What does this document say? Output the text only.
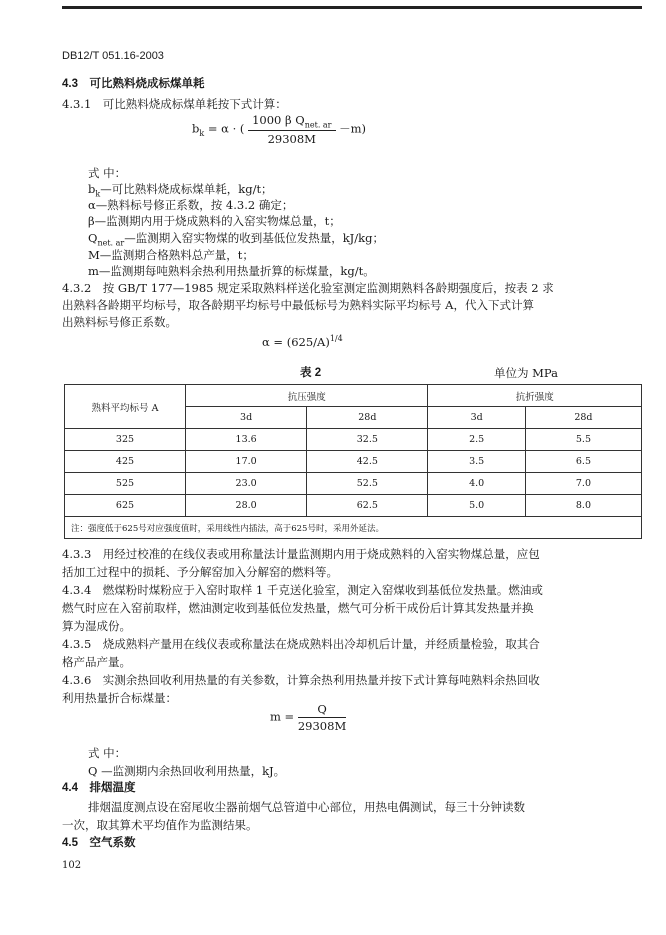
DB12/T 051.16-2003
4.3　可比熟料烧成标煤单耗
4.3.1　可比熟料烧成标煤单耗按下式计算：
$b_k = \alpha$ · ( $\frac{1000 \beta Q_{net. ar}}{29308M} -m$)
式 中：
$b_k—$可比熟料烧成标煤单耗，kg/t；
α—熟料标号修正系数，按 4.3.2 确定；
β—监测期内用于烧成熟料的入窑实物煤总量，t；
$Q_{net. ar}—$监测期入窑实物煤的收到基低位发热量，kJ/kg；
M—监测期合格熟料总产量，t；
m—监测期每吨熟料余热利用热量折算的标煤量，kg/t。
4.3.2　按 GB/T 177—1985 规定采取熟料样送化验室测定监测期熟料各龄期强度后，按表 2 求
出熟料各龄期平均标号，取各龄期平均标号中最低标号为熟料实际平均标号 A，代入下式计算
出熟料标号修正系数。
$\alpha = (625/A)^{1/4}$
表 2	单位为 MPa
熟料平均标号 A	抗压强度		抗折强度	
	3d	28d	3d	28d
325	13.6	32.5	2.5	5.5
425	17.0	42.5	3.5	6.5
525	23.0	52.5	4.0	7.0
625	28.0	62.5	5.0	8.0
注：强度低于625号对应强度值时，采用线性内插法，高于625号时，采用外延法。				
4.3.3　用经过校准的在线仪表或用称量法计量监测期内用于烧成熟料的入窑实物煤总量，应包
括加工过程中的损耗、予分解窑加入分解窑的燃料等。
4.3.4　燃煤粉时煤粉应于入窑时取样 1 千克送化验室，测定入窑煤收到基低位发热量。燃油或
燃气时应在入窑前取样，燃油测定收到基低位发热量，燃气可分析干成份后计算其发热量并换
算为湿成份。
4.3.5　烧成熟料产量用在线仪表或称量法在烧成熟料出冷却机后计量，并经质量检验，取其合
格产品产量。
4.3.6　实测余热回收利用热量的有关参数，计算余热利用热量并按下式计算每吨熟料余热回收
利用热量折合标煤量：
$m = \frac{Q}{29308M}$
式 中：
Q —监测期内余热回收利用热量，kJ。
4.4　排烟温度
排烟温度测点设在窑尾收尘器前烟气总管道中心部位，用热电偶测试，每三十分钟读数
一次，取其算术平均值作为监测结果。
4.5　空气系数
102
